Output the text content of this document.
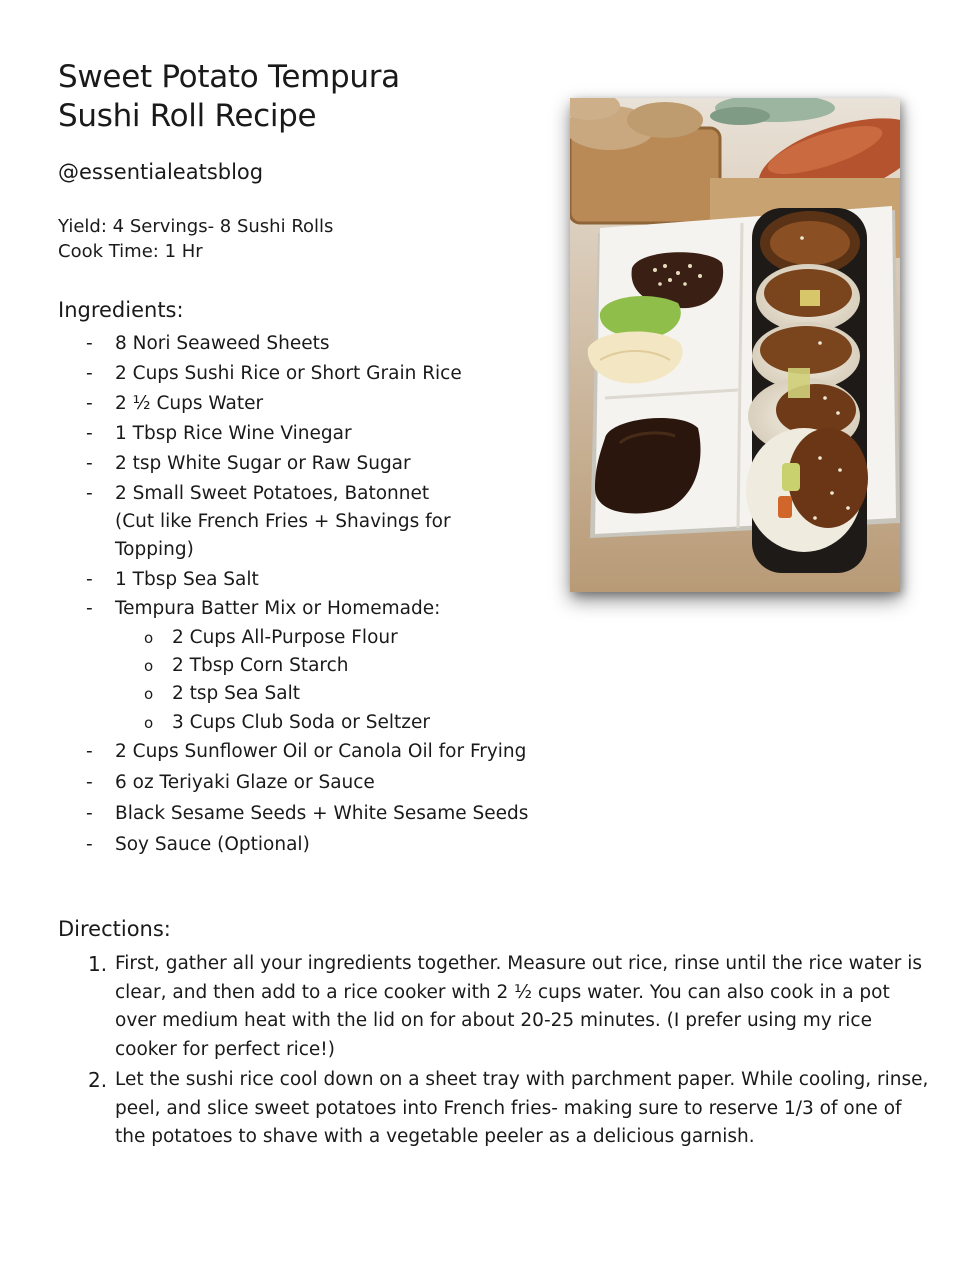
Sweet Potato Tempura
Sushi Roll Recipe

@essentialeatsblog

Yield: 4 Servings- 8 Sushi Rolls
Cook Time: 1 Hr
Ingredients:
- 8 Nori Seaweed Sheets
- 2 Cups Sushi Rice or Short Grain Rice
- 2 ½ Cups Water
- 1 Tbsp Rice Wine Vinegar
- 2 tsp White Sugar or Raw Sugar
- 2 Small Sweet Potatoes, Batonnet
(Cut like French Fries + Shavings for
Topping)
- 1 Tbsp Sea Salt
- Tempura Batter Mix or Homemade:
o 2 Cups All-Purpose Flour
o 2 Tbsp Corn Starch
o 2 tsp Sea Salt
o 3 Cups Club Soda or Seltzer
- 2 Cups Sunflower Oil or Canola Oil for Frying
- 6 oz Teriyaki Glaze or Sauce
- Black Sesame Seeds + White Sesame Seeds
- Soy Sauce (Optional)
Directions:
1. First, gather all your ingredients together. Measure out rice, rinse until the rice water is clear, and then add to a rice cooker with 2 ½ cups water. You can also cook in a pot over medium heat with the lid on for about 20-25 minutes. (I prefer using my rice cooker for perfect rice!)
2. Let the sushi rice cool down on a sheet tray with parchment paper. While cooling, rinse, peel, and slice sweet potatoes into French fries- making sure to reserve 1/3 of one of the potatoes to shave with a vegetable peeler as a delicious garnish.
